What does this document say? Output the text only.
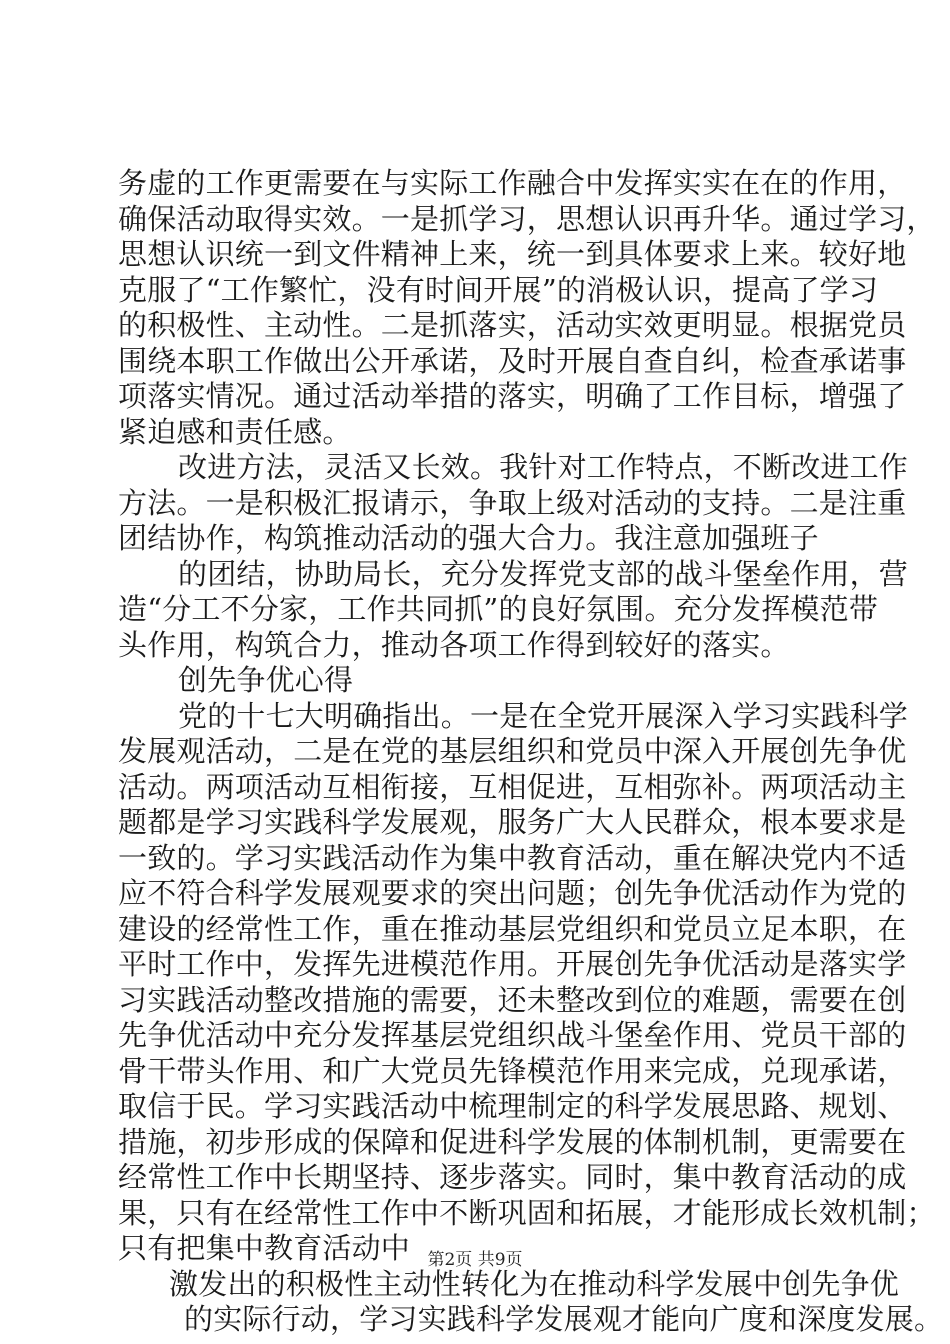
务虚的工作更需要在与实际工作融合中发挥实实在在的作用，
确保活动取得实效。一是抓学习，思想认识再升华。通过学习，
思想认识统一到文件精神上来，统一到具体要求上来。较好地
克服了“工作繁忙，没有时间开展”的消极认识，提高了学习
的积极性、主动性。二是抓落实，活动实效更明显。根据党员
围绕本职工作做出公开承诺，及时开展自查自纠，检查承诺事
项落实情况。通过活动举措的落实，明确了工作目标，增强了
紧迫感和责任感。
改进方法，灵活又长效。我针对工作特点，不断改进工作
方法。一是积极汇报请示，争取上级对活动的支持。二是注重
团结协作，构筑推动活动的强大合力。我注意加强班子
的团结，协助局长，充分发挥党支部的战斗堡垒作用，营
造“分工不分家，工作共同抓”的良好氛围。充分发挥模范带
头作用，构筑合力，推动各项工作得到较好的落实。
创先争优心得
党的十七大明确指出。一是在全党开展深入学习实践科学
发展观活动，二是在党的基层组织和党员中深入开展创先争优
活动。两项活动互相衔接，互相促进，互相弥补。两项活动主
题都是学习实践科学发展观，服务广大人民群众，根本要求是
一致的。学习实践活动作为集中教育活动，重在解决党内不适
应不符合科学发展观要求的突出问题；创先争优活动作为党的
建设的经常性工作，重在推动基层党组织和党员立足本职，在
平时工作中，发挥先进模范作用。开展创先争优活动是落实学
习实践活动整改措施的需要，还未整改到位的难题，需要在创
先争优活动中充分发挥基层党组织战斗堡垒作用、党员干部的
骨干带头作用、和广大党员先锋模范作用来完成，兑现承诺，
取信于民。学习实践活动中梳理制定的科学发展思路、规划、
措施，初步形成的保障和促进科学发展的体制机制，更需要在
经常性工作中长期坚持、逐步落实。同时，集中教育活动的成
果，只有在经常性工作中不断巩固和拓展，才能形成长效机制；
只有把集中教育活动中
激发出的积极性主动性转化为在推动科学发展中创先争优
的实际行动，学习实践科学发展观才能向广度和深度发展。
第2页 共9页
